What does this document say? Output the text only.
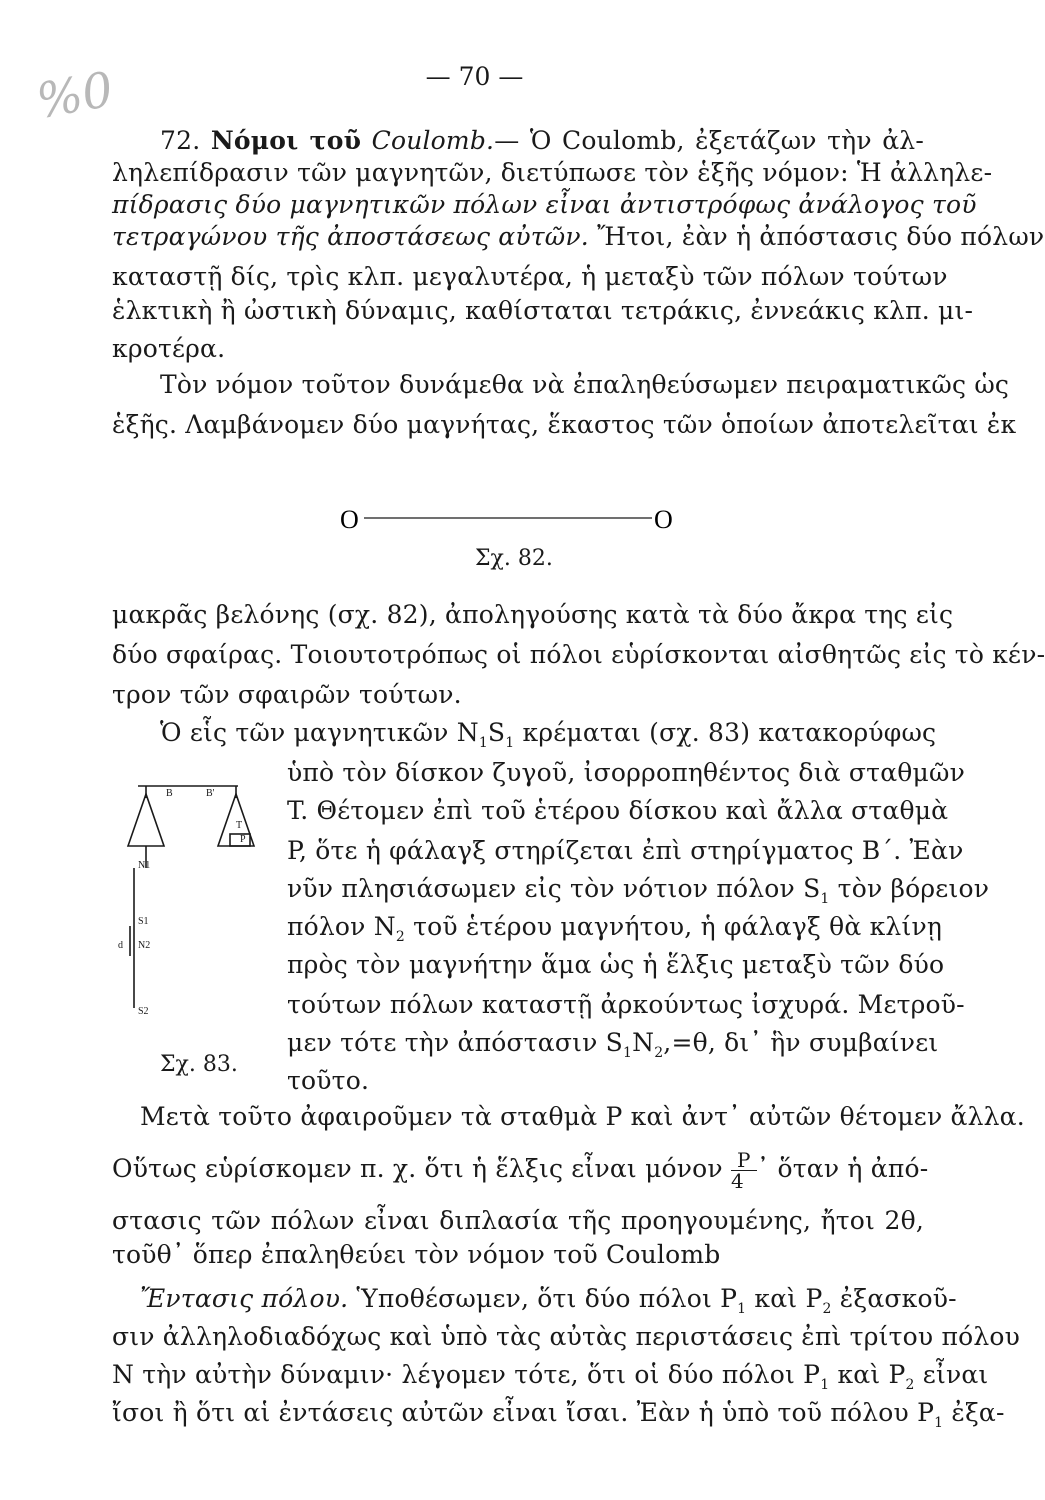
%0	— 70 —
72. Νόμοι τοῦ Coulomb.— Ὁ Coulomb, ἐξετάζων τὴν ἀλ-
ληλεπίδρασιν τῶν μαγνητῶν, διετύπωσε τὸν ἑξῆς νόμον: Ἡ ἀλληλε-
πίδρασις δύο μαγνητικῶν πόλων εἶναι ἀντιστρόφως ἀνάλογος τοῦ
τετραγώνου τῆς ἀποστάσεως αὐτῶν. Ἤτοι, ἐὰν ἡ ἀπόστασις δύο πόλων
καταστῇ δίς, τρὶς κλπ. μεγαλυτέρα, ἡ μεταξὺ τῶν πόλων τούτων
ἑλκτικὴ ἢ ὠστικὴ δύναμις, καθίσταται τετράκις, ἐννεάκις κλπ. μι-
κροτέρα.
Τὸν νόμον τοῦτον δυνάμεθα νὰ ἐπαληθεύσωμεν πειραματικῶς ὡς
ἑξῆς. Λαμβάνομεν δύο μαγνήτας, ἕκαστος τῶν ὁποίων ἀποτελεῖται ἐκ
O	O
Σχ. 82.
μακρᾶς βελόνης (σχ. 82), ἀποληγούσης κατὰ τὰ δύο ἄκρα της εἰς
δύο σφαίρας. Τοιουτοτρόπως οἱ πόλοι εὑρίσκονται αἰσθητῶς εἰς τὸ κέν-
τρον τῶν σφαιρῶν τούτων.
Ὁ εἷς τῶν μαγνητικῶν $N_1S_1$ κρέμαται (σχ. 83) κατακορύφως
ὑπὸ τὸν δίσκον ζυγοῦ, ἰσορροπηθέντος διὰ σταθμῶν
T. Θέτομεν ἐπὶ τοῦ ἑτέρου δίσκου καὶ ἄλλα σταθμὰ
P, ὅτε ἡ φάλαγξ στηρίζεται ἐπὶ στηρίγματος B΄. Ἐὰν
νῦν πλησιάσωμεν εἰς τὸν νότιον πόλον $S_1$ τὸν βόρειον
πόλον $N_2$ τοῦ ἑτέρου μαγνήτου, ἡ φάλαγξ θὰ κλίνῃ
πρὸς τὸν μαγνήτην ἅμα ὡς ἡ ἕλξις μεταξὺ τῶν δύο
τούτων πόλων καταστῇ ἀρκούντως ἰσχυρά. Μετροῦ-
μεν τότε τὴν ἀπόστασιν $S_1N_2,=\theta$, δι᾽ ἣν συμβαίνει
τοῦτο.
B	B'
T
P
N1
S1
N2
S2
d
Σχ. 83.
Μετὰ τοῦτο ἀφαιροῦμεν τὰ σταθμὰ P καὶ ἀντ᾽ αὐτῶν θέτομεν ἄλλα.
Οὕτως εὑρίσκομεν π. χ. ὅτι ἡ ἕλξις εἶναι μόνον $\frac{P}{4}$ ᾽ ὅταν ἡ ἀπό-
στασις τῶν πόλων εἶναι διπλασία τῆς προηγουμένης, ἤτοι 2θ,
τοῦθ᾽ ὅπερ ἐπαληθεύει τὸν νόμον τοῦ Coulomb
Ἔντασις πόλου. Ὑποθέσωμεν, ὅτι δύο πόλοι $P_1$ καὶ $P_2$ ἐξασκοῦ-
σιν ἀλληλοδιαδόχως καὶ ὑπὸ τὰς αὐτὰς περιστάσεις ἐπὶ τρίτου πόλου
N τὴν αὐτὴν δύναμιν· λέγομεν τότε, ὅτι οἱ δύο πόλοι $P_1$ καὶ $P_2$ εἶναι
ἴσοι ἢ ὅτι αἱ ἐντάσεις αὐτῶν εἶναι ἴσαι. Ἐὰν ἡ ὑπὸ τοῦ πόλου $P_1$ ἐξα-
